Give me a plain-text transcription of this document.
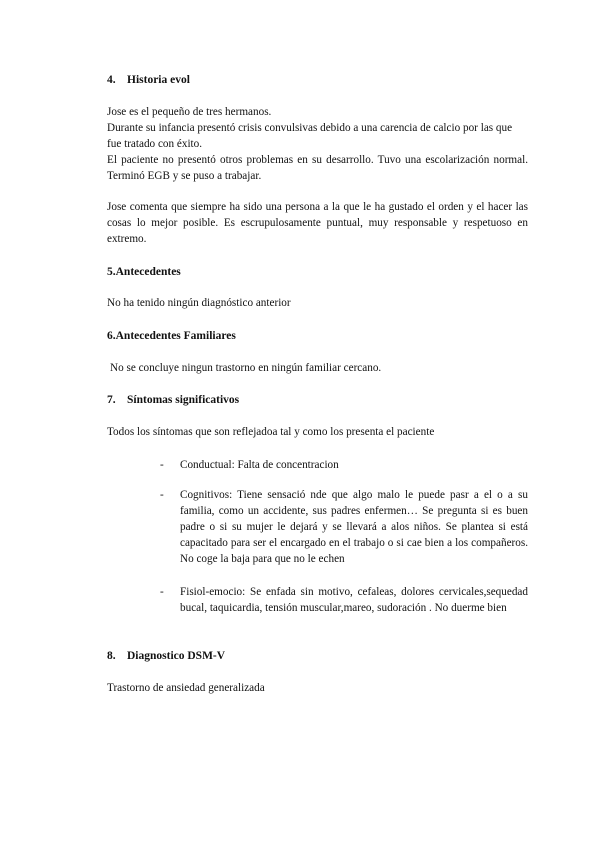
4. Historia evol
Jose es el pequeño de tres hermanos.
Durante su infancia presentó crisis convulsivas debido a una carencia de calcio por las que fue tratado con éxito.
El paciente no presentó otros problemas en su desarrollo. Tuvo una escolarización normal. Terminó EGB y se puso a trabajar.
Jose comenta que siempre ha sido una persona a la que le ha gustado el orden y el hacer las cosas lo mejor posible. Es escrupulosamente puntual, muy responsable y respetuoso en extremo.
5.Antecedentes
No ha tenido ningún diagnóstico anterior
6.Antecedentes Familiares
No se concluye ningun trastorno en ningún familiar cercano.
7. Síntomas significativos
Todos los síntomas que son reflejadoa tal y como los presenta el paciente
- Conductual: Falta de concentracion
- Cognitivos: Tiene sensació nde que algo malo le puede pasr a el o a su familia, como un accidente, sus padres enfermen… Se pregunta si es buen padre o si su mujer le dejará y se llevará a alos niños. Se plantea si está capacitado para ser el encargado en el trabajo o si cae bien a los compañeros. No coge la baja para que no le echen
- Fisiol-emocio: Se enfada sin motivo, cefaleas, dolores cervicales,sequedad bucal, taquicardia, tensión muscular,mareo, sudoración . No duerme bien
8. Diagnostico DSM-V
Trastorno de ansiedad generalizada
